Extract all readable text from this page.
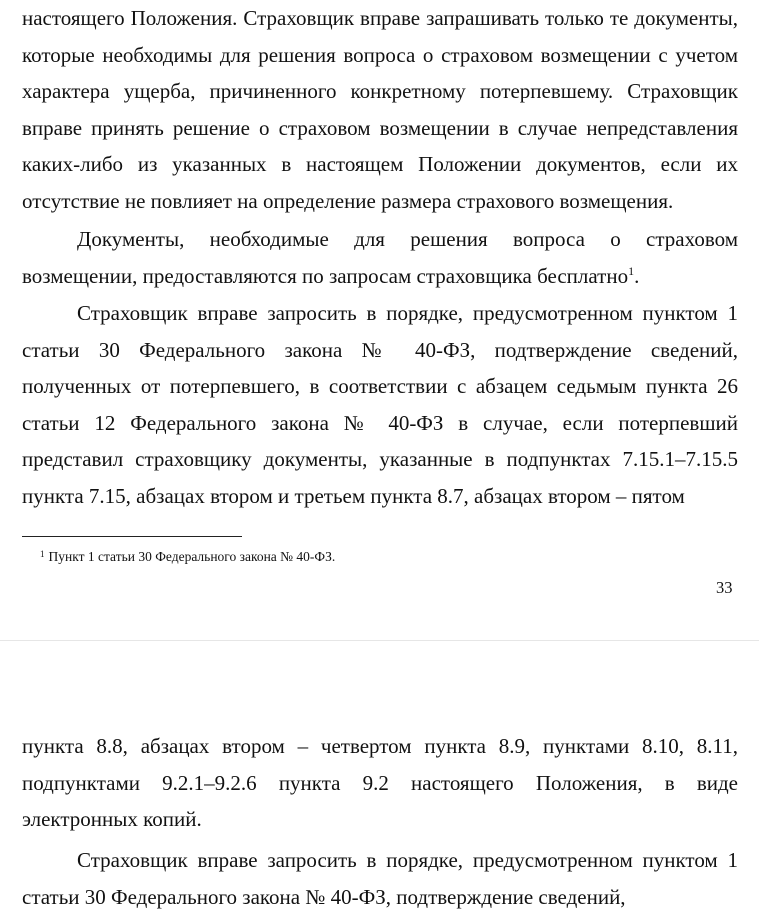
настоящего Положения. Страховщик вправе запрашивать только те документы, которые необходимы для решения вопроса о страховом возмещении с учетом характера ущерба, причиненного конкретному потерпевшему. Страховщик вправе принять решение о страховом возмещении в случае непредставления каких-либо из указанных в настоящем Положении документов, если их отсутствие не повлияет на определение размера страхового возмещения.

Документы, необходимые для решения вопроса о страховом возмещении, предоставляются по запросам страховщика бесплатно$^1$.

Страховщик вправе запросить в порядке, предусмотренном пунктом 1 статьи 30 Федерального закона № 40-ФЗ, подтверждение сведений, полученных от потерпевшего, в соответствии с абзацем седьмым пункта 26 статьи 12 Федерального закона № 40-ФЗ в случае, если потерпевший представил страховщику документы, указанные в подпунктах 7.15.1–7.15.5 пункта 7.15, абзацах втором и третьем пункта 8.7, абзацах втором – пятом

$^1$ Пункт 1 статьи 30 Федерального закона № 40-ФЗ.
33

пункта 8.8, абзацах втором – четвертом пункта 8.9, пунктами 8.10, 8.11, подпунктами 9.2.1–9.2.6 пункта 9.2 настоящего Положения, в виде электронных копий.

Страховщик вправе запросить в порядке, предусмотренном пунктом 1 статьи 30 Федерального закона № 40-ФЗ, подтверждение сведений,
